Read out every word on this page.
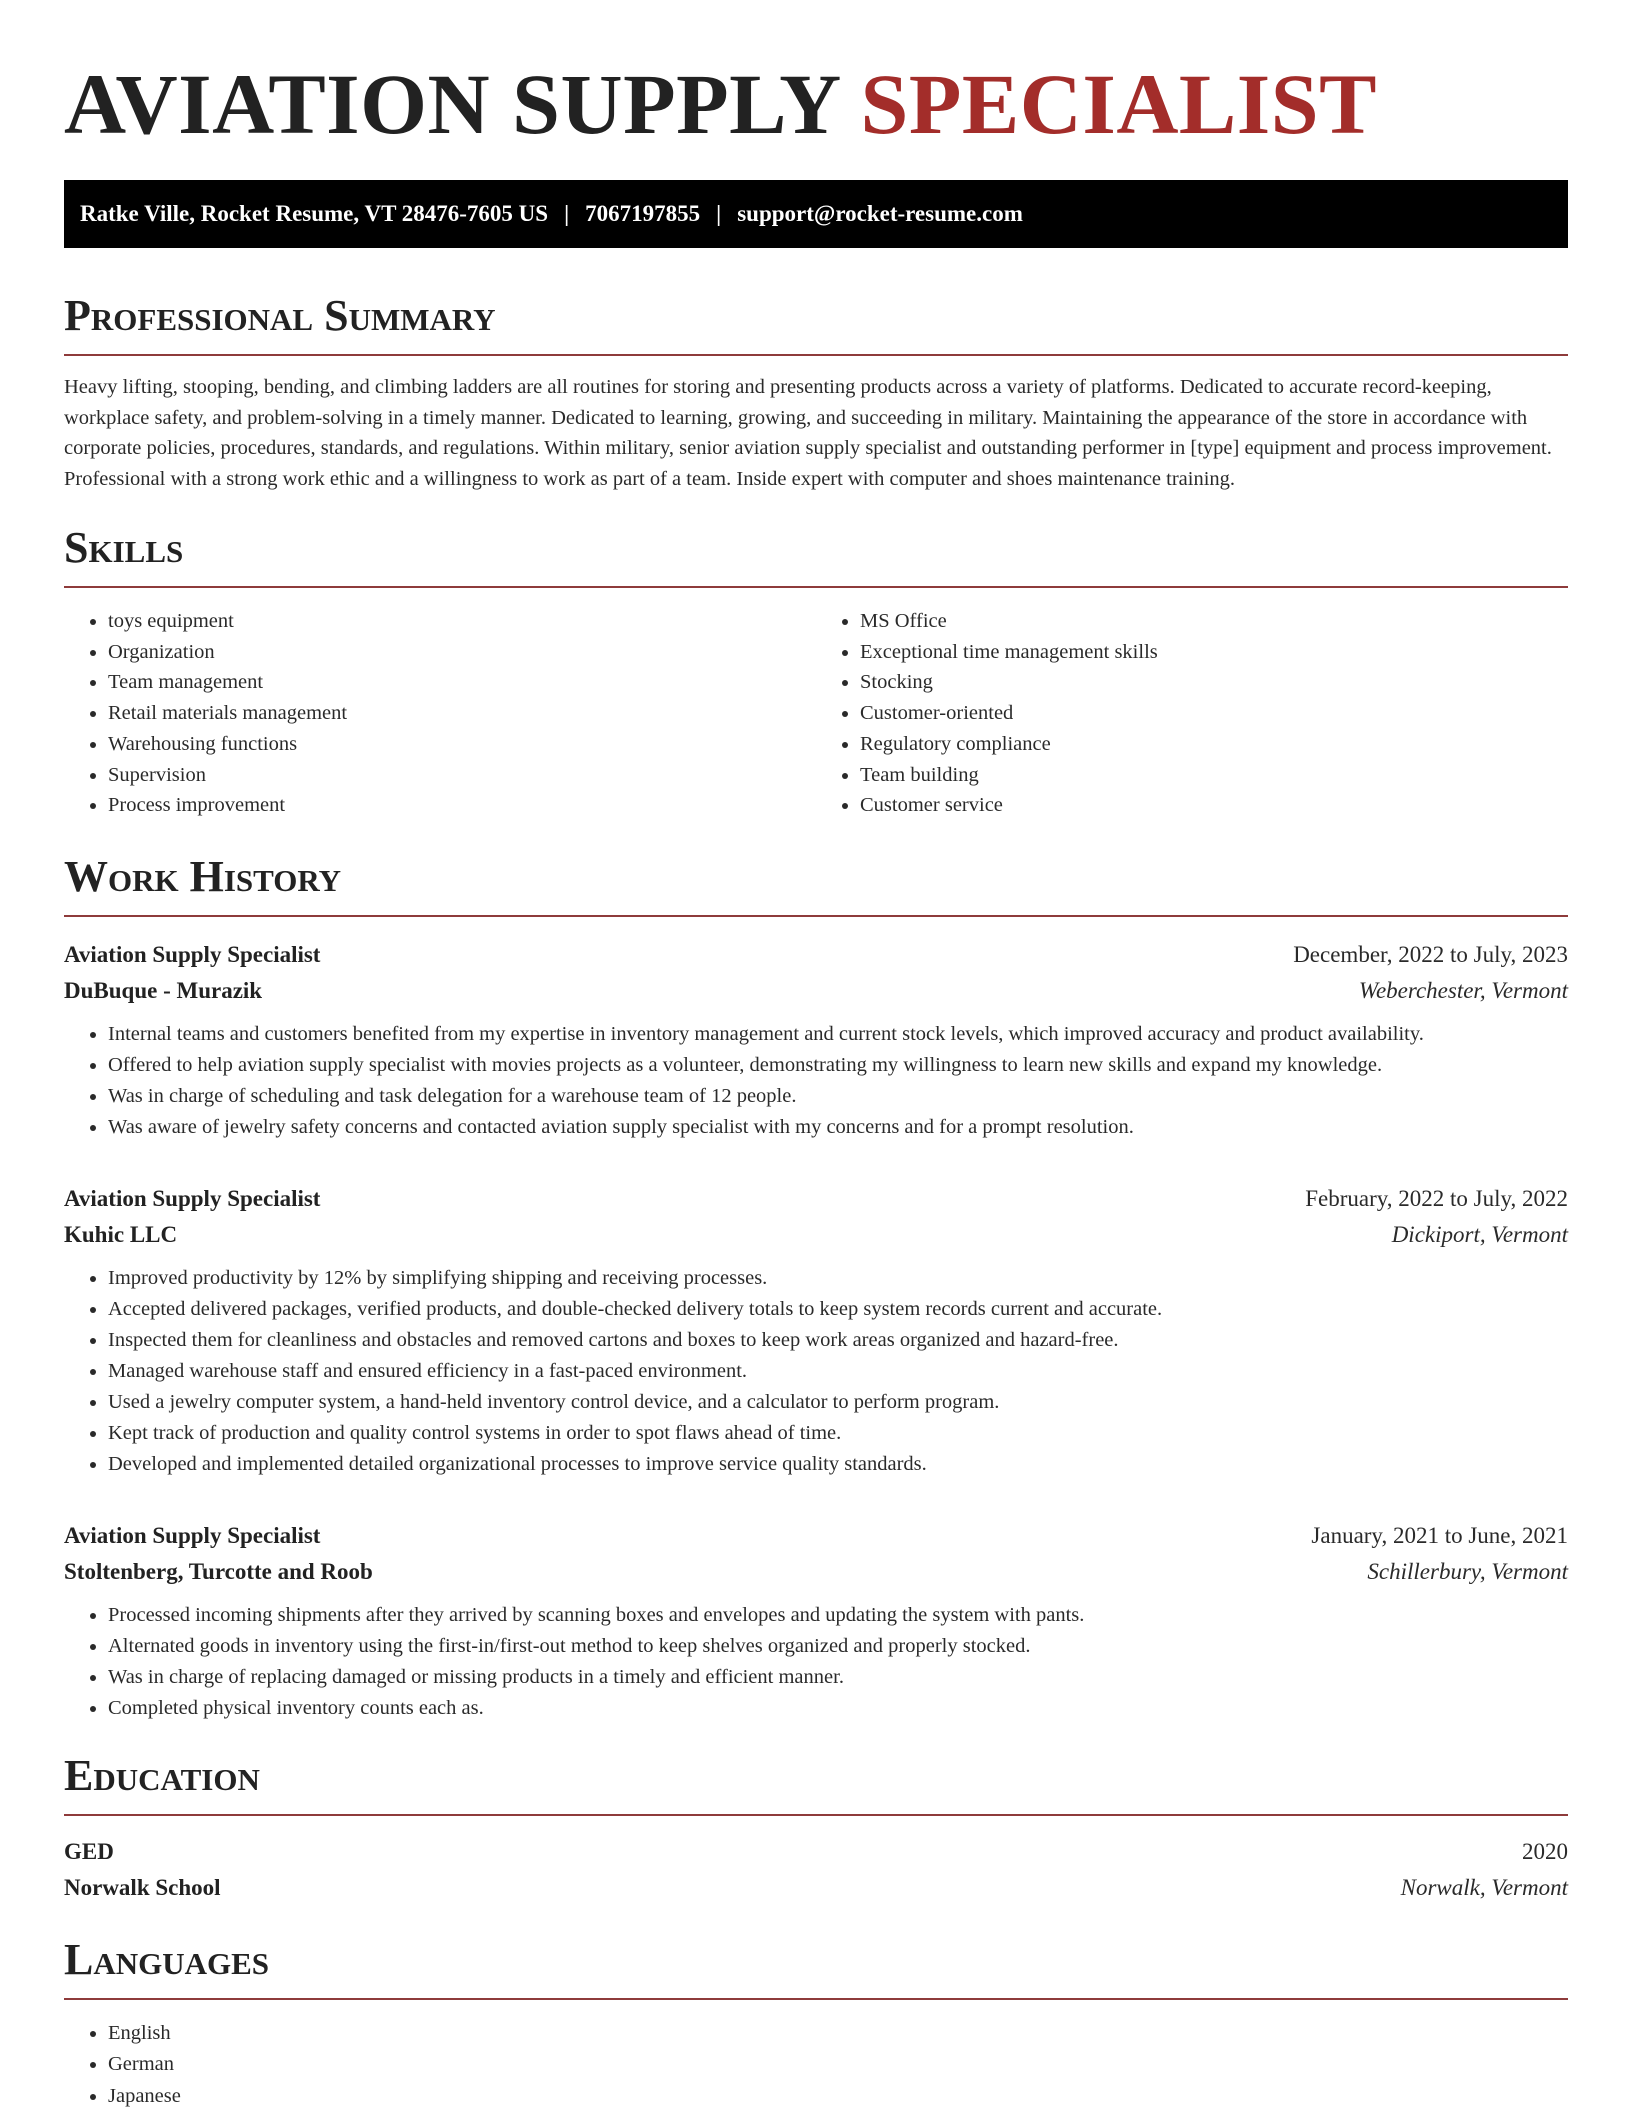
AVIATION SUPPLY SPECIALIST
Ratke Ville, Rocket Resume, VT 28476-7605 US | 7067197855 | support@rocket-resume.com
Professional Summary

Heavy lifting, stooping, bending, and climbing ladders are all routines for storing and presenting products across a variety of platforms. Dedicated to accurate record-keeping, workplace safety, and problem-solving in a timely manner. Dedicated to learning, growing, and succeeding in military. Maintaining the appearance of the store in accordance with corporate policies, procedures, standards, and regulations. Within military, senior aviation supply specialist and outstanding performer in [type] equipment and process improvement. Professional with a strong work ethic and a willingness to work as part of a team. Inside expert with computer and shoes maintenance training.

Skills
• toys equipment
• Organization
• Team management
• Retail materials management
• Warehousing functions
• Supervision
• Process improvement
• MS Office
• Exceptional time management skills
• Stocking
• Customer-oriented
• Regulatory compliance
• Team building
• Customer service
Work History
Aviation Supply Specialist	December, 2022 to July, 2023
DuBuque - Murazik	Weberchester, Vermont
• Internal teams and customers benefited from my expertise in inventory management and current stock levels, which improved accuracy and product availability.
• Offered to help aviation supply specialist with movies projects as a volunteer, demonstrating my willingness to learn new skills and expand my knowledge.
• Was in charge of scheduling and task delegation for a warehouse team of 12 people.
• Was aware of jewelry safety concerns and contacted aviation supply specialist with my concerns and for a prompt resolution.
Aviation Supply Specialist	February, 2022 to July, 2022
Kuhic LLC	Dickiport, Vermont
• Improved productivity by 12% by simplifying shipping and receiving processes.
• Accepted delivered packages, verified products, and double-checked delivery totals to keep system records current and accurate.
• Inspected them for cleanliness and obstacles and removed cartons and boxes to keep work areas organized and hazard-free.
• Managed warehouse staff and ensured efficiency in a fast-paced environment.
• Used a jewelry computer system, a hand-held inventory control device, and a calculator to perform program.
• Kept track of production and quality control systems in order to spot flaws ahead of time.
• Developed and implemented detailed organizational processes to improve service quality standards.
Aviation Supply Specialist	January, 2021 to June, 2021
Stoltenberg, Turcotte and Roob	Schillerbury, Vermont
• Processed incoming shipments after they arrived by scanning boxes and envelopes and updating the system with pants.
• Alternated goods in inventory using the first-in/first-out method to keep shelves organized and properly stocked.
• Was in charge of replacing damaged or missing products in a timely and efficient manner.
• Completed physical inventory counts each as.
Education
GED	2020
Norwalk School	Norwalk, Vermont
Languages
• English
• German
• Japanese
